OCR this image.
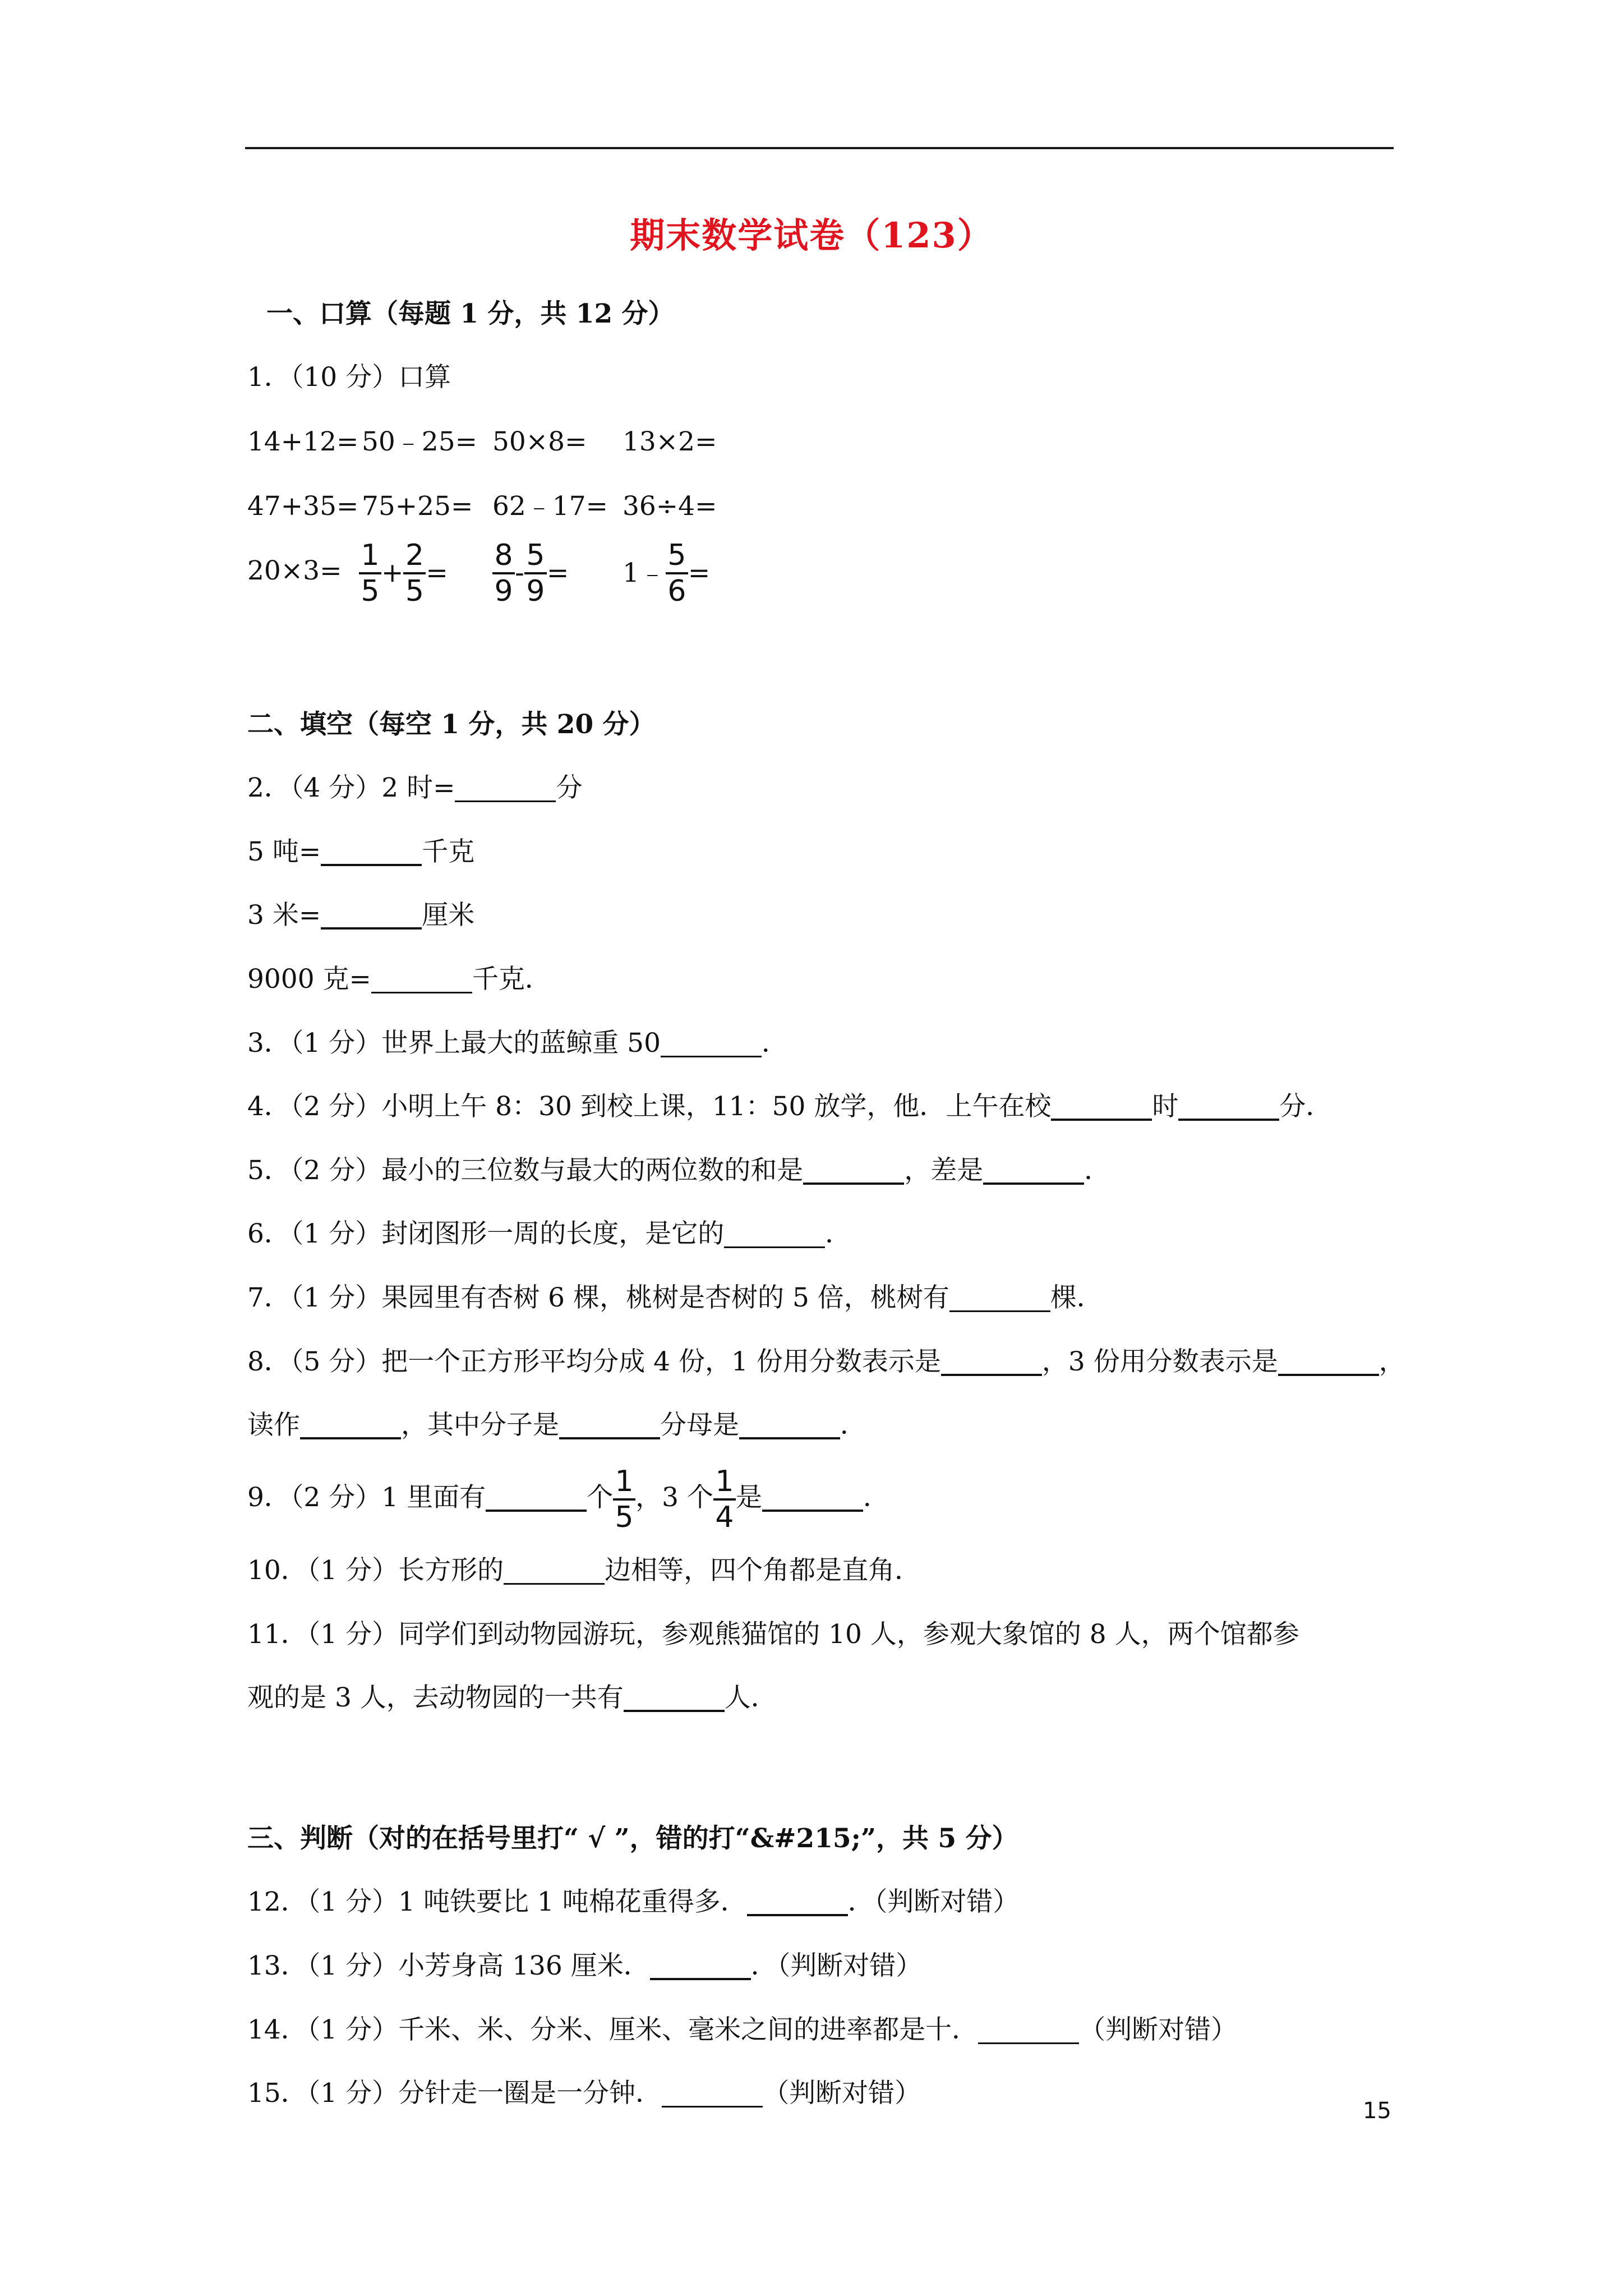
期末数学试卷（123）
一、口算（每题 1 分，共 12 分）
1．（10 分）口算
14+12= 50﹣25= 50×8= 13×2=
47+35= 75+25= 62﹣17= 36÷4=
$20\times 3= \frac{1}{5} + \frac{2}{5} = \frac{8}{9} - \frac{5}{9}$ = 1﹣ $\frac{5}{6}$ =
二、填空（每空 1 分，共 20 分）
2．（4 分）2 时=	分
5 吨=	千克
3 米=	厘米
9000 克=	千克．
3．（1 分）世界上最大的蓝鲸重 50	．
4．（2 分）小明上午 8：30 到校上课，11：50 放学，他．上午在校	时	分．
5．（2 分）最小的三位数与最大的两位数的和是	，差是	．
6．（1 分）封闭图形一周的长度，是它的	．
7．（1 分）果园里有杏树 6 棵，桃树是杏树的 5 倍，桃树有	棵．
8．（5 分）把一个正方形平均分成 4 份，1 份用分数表示是	，3 份用分数表示是	，
读作	，其中分子是	分母是	．
9．（2 分）1 里面有	个 $\frac{1}{5}$ ，3 个 $\frac{1}{4}$ 是	．
10．（1 分）长方形的	边相等，四个角都是直角．
11．（1 分）同学们到动物园游玩，参观熊猫馆的 10 人，参观大象馆的 8 人，两个馆都参
观的是 3 人，去动物园的一共有	人．
三、判断（对的在括号里打“ √ ”，错的打“&#215;”，共 5 分）
12．（1 分）1 吨铁要比 1 吨棉花重得多．	．（判断对错）
13．（1 分）小芳身高 136 厘米．	．（判断对错）
14．（1 分）千米、米、分米、厘米、毫米之间的进率都是十．	（判断对错）
15．（1 分）分针走一圈是一分钟．	（判断对错）
15
